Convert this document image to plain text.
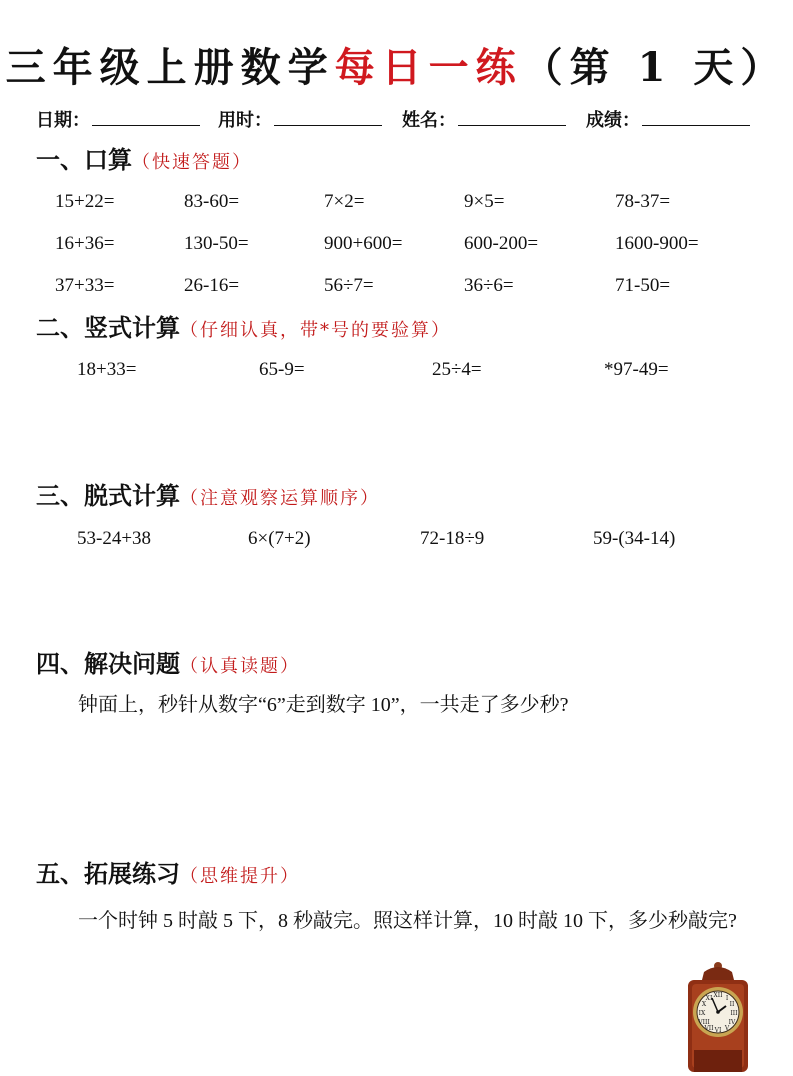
三年级上册数学每日一练（第 1 天）
日期：	用时：	姓名：	成绩：
一、口算（快速答题）
15+22=	83-60=	7×2=	9×5=	78-37=
16+36=	130-50=	900+600=	600-200=	1600-900=
37+33=	26-16=	56÷7=	36÷6=	71-50=
二、竖式计算（仔细认真，带*号的要验算）
18+33=	65-9=	25÷4=	*97-49=
三、脱式计算（注意观察运算顺序）
53-24+38	6×(7+2)	72-18÷9	59-(34-14)
四、解决问题（认真读题）
钟面上，秒针从数字“6”走到数字 10”，一共走了多少秒?
五、拓展练习（思维提升）
一个时钟 5 时敲 5 下，8 秒敲完。照这样计算，10 时敲 10 下，多少秒敲完?
XII
III
VI
IX
I
II
IV
V
VII
VIII
X
XI
